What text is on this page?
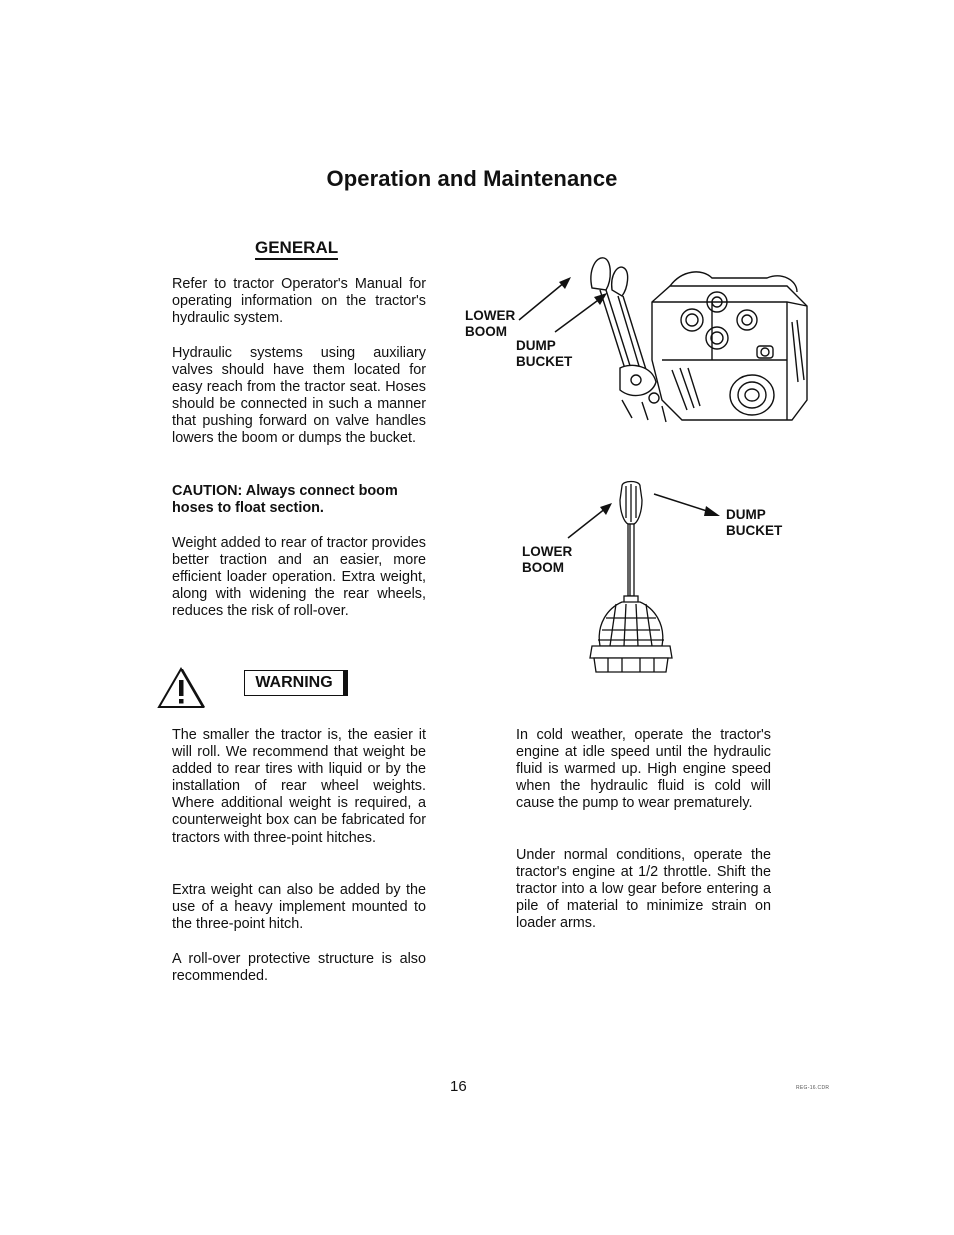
Operation and Maintenance
GENERAL

Refer to tractor Operator's Manual for operating information on the tractor's hydraulic system.

Hydraulic systems using auxiliary valves should have them located for easy reach from the tractor seat. Hoses should be connected in such a manner that pushing forward on valve handles lowers the boom or dumps the bucket.

CAUTION: Always connect boom hoses to float section.

Weight added to rear of tractor provides better traction and an easier, more efficient loader operation. Extra weight, along with widening the rear wheels, reduces the risk of roll-over.

WARNING

The smaller the tractor is, the easier it will roll. We recommend that weight be added to rear tires with liquid or by the installation of rear wheel weights. Where additional weight is required, a counterweight box can be fabricated for tractors with three-point hitches.

Extra weight can also be added by the use of a heavy implement mounted to the three-point hitch.

A roll-over protective structure is also recommended.

LOWER
BOOM
DUMP
BUCKET
DUMP
BUCKET
LOWER
BOOM

In cold weather, operate the tractor's engine at idle speed until the hydraulic fluid is warmed up. High engine speed when the hydraulic fluid is cold will cause the pump to wear prematurely.

Under normal conditions, operate the tractor's engine at 1/2 throttle. Shift the tractor into a low gear before entering a pile of material to minimize strain on loader arms.

16	REG-16.CDR
